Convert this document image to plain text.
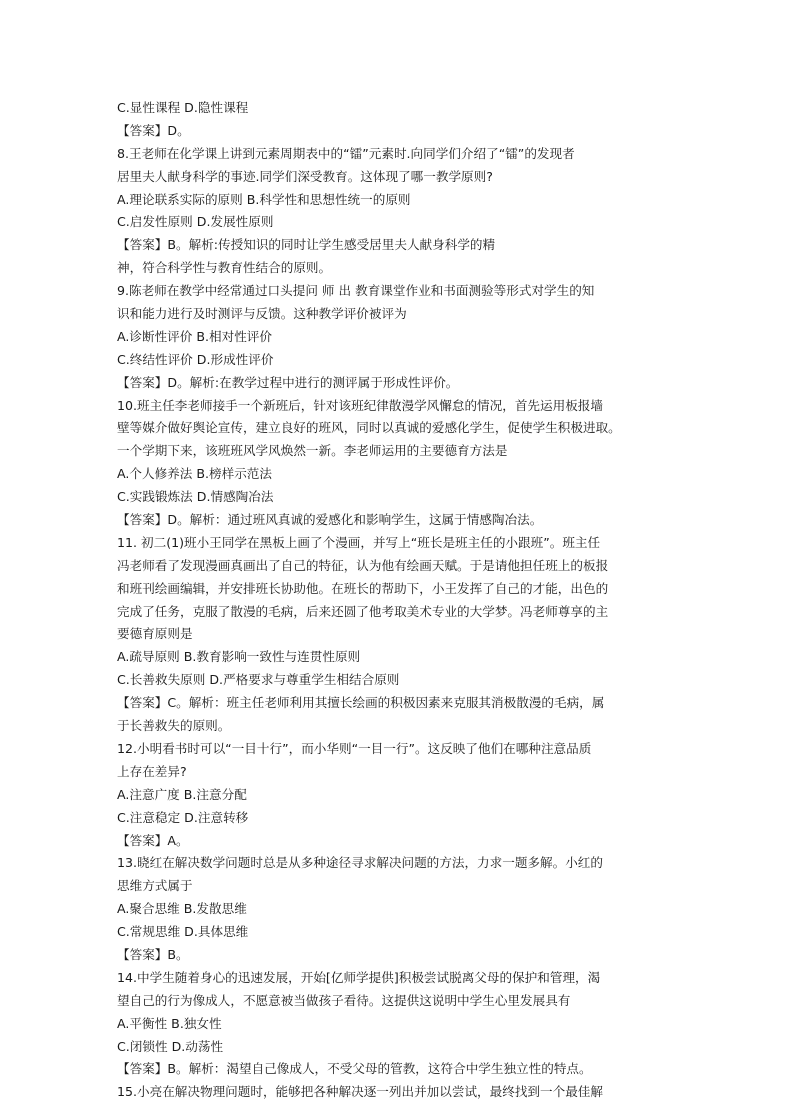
C.显性课程 D.隐性课程
【答案】D。
8.王老师在化学课上讲到元素周期表中的“镭”元素时.向同学们介绍了“镭”的发现者
居里夫人献身科学的事迹.同学们深受教育。这体现了哪一教学原则?
A.理论联系实际的原则 B.科学性和思想性统一的原则
C.启发性原则 D.发展性原则
【答案】B。解析:传授知识的同时让学生感受居里夫人献身科学的精
神，符合科学性与教育性结合的原则。
9.陈老师在教学中经常通过口头提问 师 出 教育课堂作业和书面测验等形式对学生的知
识和能力进行及时测评与反馈。这种教学评价被评为
A.诊断性评价 B.相对性评价
C.终结性评价 D.形成性评价
【答案】D。解析:在教学过程中进行的测评属于形成性评价。
10.班主任李老师接手一个新班后，针对该班纪律散漫学风懈怠的情况，首先运用板报墙
壁等媒介做好舆论宣传，建立良好的班风，同时以真诚的爱感化学生，促使学生积极进取。
一个学期下来，该班班风学风焕然一新。李老师运用的主要德育方法是
A.个人修养法 B.榜样示范法
C.实践锻炼法 D.情感陶冶法
【答案】D。解析：通过班风真诚的爱感化和影响学生，这属于情感陶冶法。
11. 初二(1)班小王同学在黑板上画了个漫画，并写上“班长是班主任的小跟班”。班主任
冯老师看了发现漫画真画出了自己的特征，认为他有绘画天赋。于是请他担任班上的板报
和班刊绘画编辑，并安排班长协助他。在班长的帮助下，小王发挥了自己的才能，出色的
完成了任务，克服了散漫的毛病，后来还圆了他考取美术专业的大学梦。冯老师尊享的主
要德育原则是
A.疏导原则 B.教育影响一致性与连贯性原则
C.长善救失原则 D.严格要求与尊重学生相结合原则
【答案】C。解析：班主任老师利用其擅长绘画的积极因素来克服其消极散漫的毛病，属
于长善救失的原则。
12.小明看书时可以“一目十行”，而小华则“一目一行”。这反映了他们在哪种注意品质
上存在差异?
A.注意广度 B.注意分配
C.注意稳定 D.注意转移
【答案】A。
13.晓红在解决数学问题时总是从多种途径寻求解决问题的方法，力求一题多解。小红的
思维方式属于
A.聚合思维 B.发散思维
C.常规思维 D.具体思维
【答案】B。
14.中学生随着身心的迅速发展，开始[亿师学提供]积极尝试脱离父母的保护和管理，渴
望自己的行为像成人，不愿意被当做孩子看待。这提供这说明中学生心里发展具有
A.平衡性 B.独女性
C.闭锁性 D.动荡性
【答案】B。解析：渴望自己像成人，不受父母的管教，这符合中学生独立性的特点。
15.小亮在解决物理问题时，能够把各种解决逐一列出并加以尝试，最终找到一个最佳解
